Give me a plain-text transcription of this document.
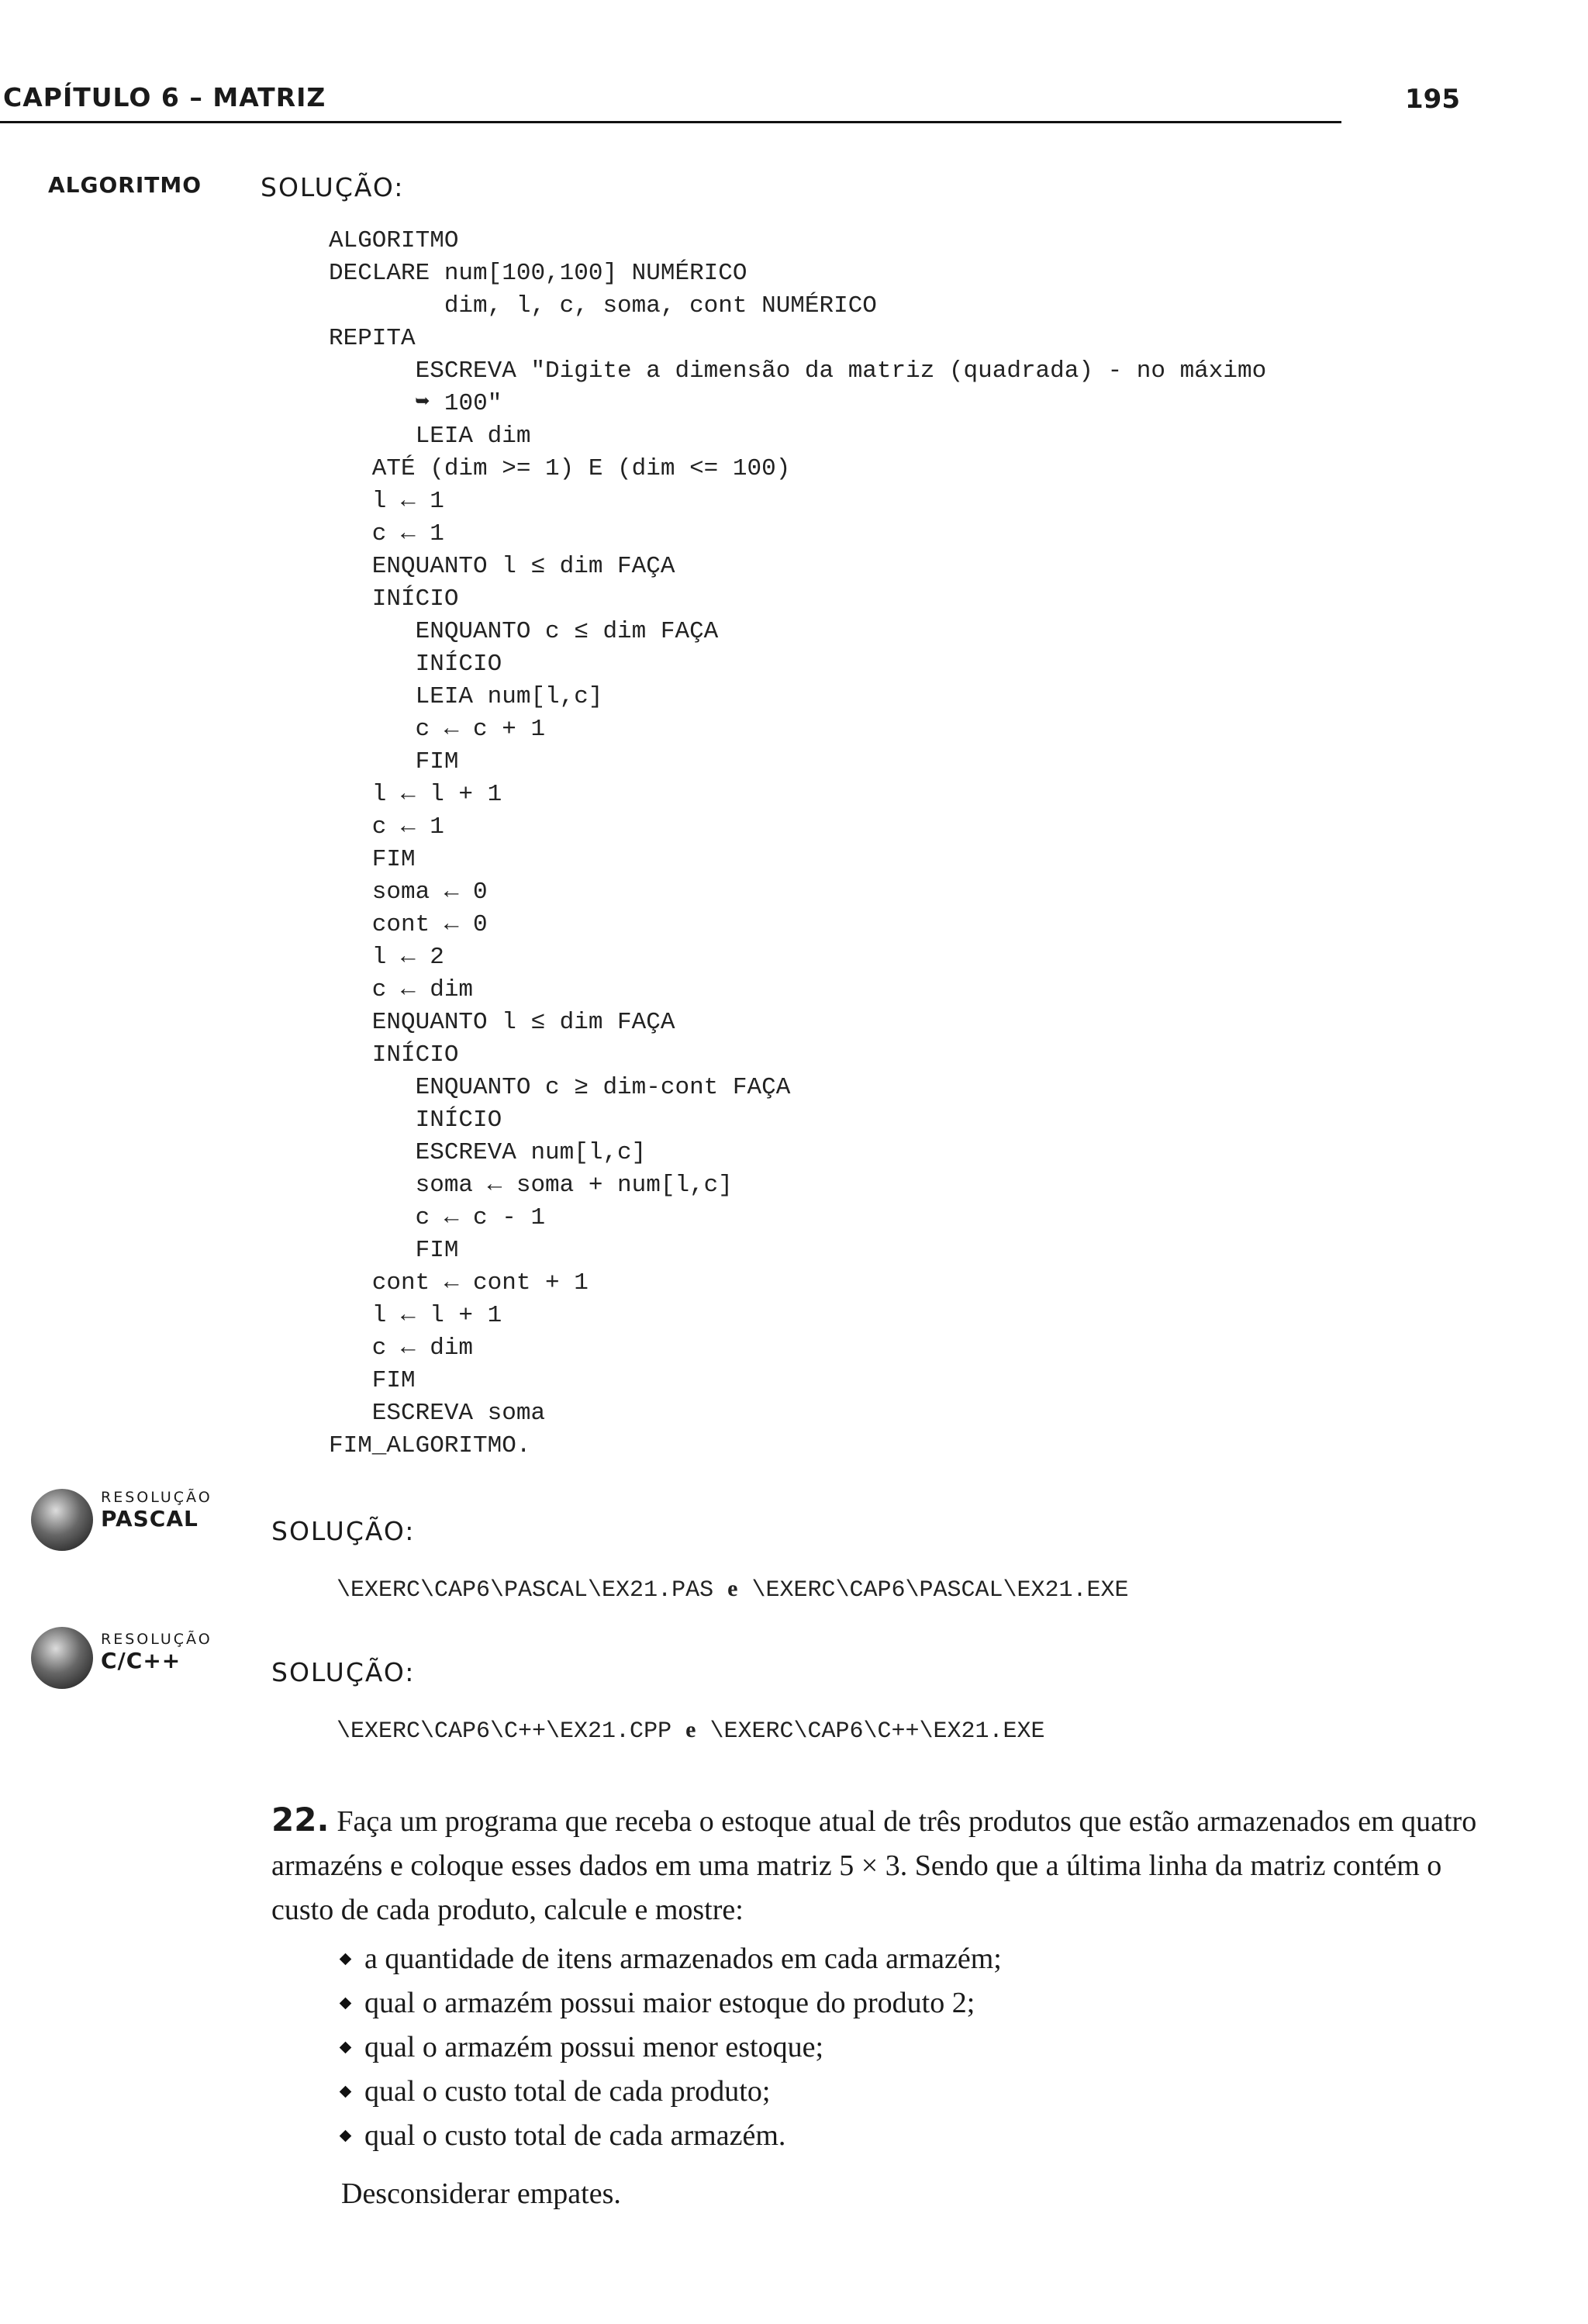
CAPÍTULO 6 – MATRIZ	195
ALGORITMO SOLUÇÃO:
ALGORITMO
DECLARE num[100,100] NUMÉRICO
dim, l, c, soma, cont NUMÉRICO
REPITA
ESCREVA "Digite a dimensão da matriz (quadrada) - no máximo
➥ 100"
LEIA dim
ATÉ (dim >= 1) E (dim <= 100)
l ← 1
c ← 1
ENQUANTO l ≤ dim FAÇA
INÍCIO
ENQUANTO c ≤ dim FAÇA
INÍCIO
LEIA num[l,c]
c ← c + 1
FIM
l ← l + 1
c ← 1
FIM
soma ← 0
cont ← 0
l ← 2
c ← dim
ENQUANTO l ≤ dim FAÇA
INÍCIO
ENQUANTO c ≥ dim-cont FAÇA
INÍCIO
ESCREVA num[l,c]
soma ← soma + num[l,c]
c ← c - 1
FIM
cont ← cont + 1
l ← l + 1
c ← dim
FIM
ESCREVA soma
FIM_ALGORITMO.
RESOLUÇÃO
PASCAL	SOLUÇÃO:
\EXERC\CAP6\PASCAL\EX21.PAS e \EXERC\CAP6\PASCAL\EX21.EXE
RESOLUÇÃO
C/C++	SOLUÇÃO:
\EXERC\CAP6\C++\EX21.CPP e \EXERC\CAP6\C++\EX21.EXE
22. Faça um programa que receba o estoque atual de três produtos que estão armazenados em quatro armazéns e coloque esses dados em uma matriz 5 × 3. Sendo que a última linha da matriz contém o custo de cada produto, calcule e mostre:
a quantidade de itens armazenados em cada armazém;
qual o armazém possui maior estoque do produto 2;
qual o armazém possui menor estoque;
qual o custo total de cada produto;
qual o custo total de cada armazém.
Desconsiderar empates.
